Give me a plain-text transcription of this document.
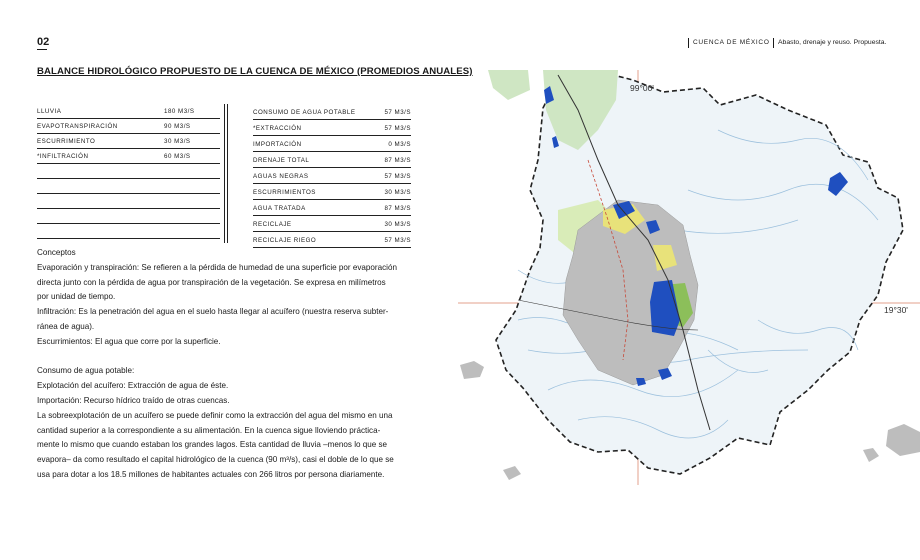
02	CUENCA DE MÉXICO	Abasto, drenaje y reuso. Propuesta.
BALANCE HIDROLÓGICO PROPUESTO DE LA CUENCA DE MÉXICO (PROMEDIOS ANUALES)
LLUVIA	180 M3/S
EVAPOTRANSPIRACIÓN	90 M3/S
ESCURRIMIENTO	30 M3/S
*INFILTRACIÓN	60 M3/S
CONSUMO DE AGUA POTABLE	57 M3/S
*EXTRACCIÓN	57 M3/S
IMPORTACIÓN	0 M3/S
DRENAJE TOTAL	87 M3/S
AGUAS NEGRAS	57 M3/S
ESCURRIMIENTOS	30 M3/S
AGUA TRATADA	87 M3/S
RECICLAJE	30 M3/S
RECICLAJE RIEGO	57 M3/S

Conceptos

Evaporación y transpiración: Se refieren a la pérdida de humedad de una superficie por evaporación

directa junto con la pérdida de agua por transpiración de la vegetación. Se expresa en milímetros

por unidad de tiempo.

Infiltración: Es la penetración del agua en el suelo hasta llegar al acuífero (nuestra reserva subter-

ránea de agua).

Escurrimientos: El agua que corre por la superficie.

Consumo de agua potable:

Explotación del acuífero: Extracción de agua de éste.

Importación: Recurso hídrico traído de otras cuencas.

La sobreexplotación de un acuífero se puede definir como la extracción del agua del mismo en una

cantidad superior a la correspondiente a su alimentación. En la cuenca sigue lloviendo práctica-

mente lo mismo que cuando estaban los grandes lagos. Esta cantidad de lluvia –menos lo que se

evapora– da como resultado el capital hidrológico de la cuenca (90 m³/s), casi el doble de lo que se

usa para dotar a los 18.5 millones de habitantes actuales con 266 litros por persona diariamente.

99°00'
19°30'
